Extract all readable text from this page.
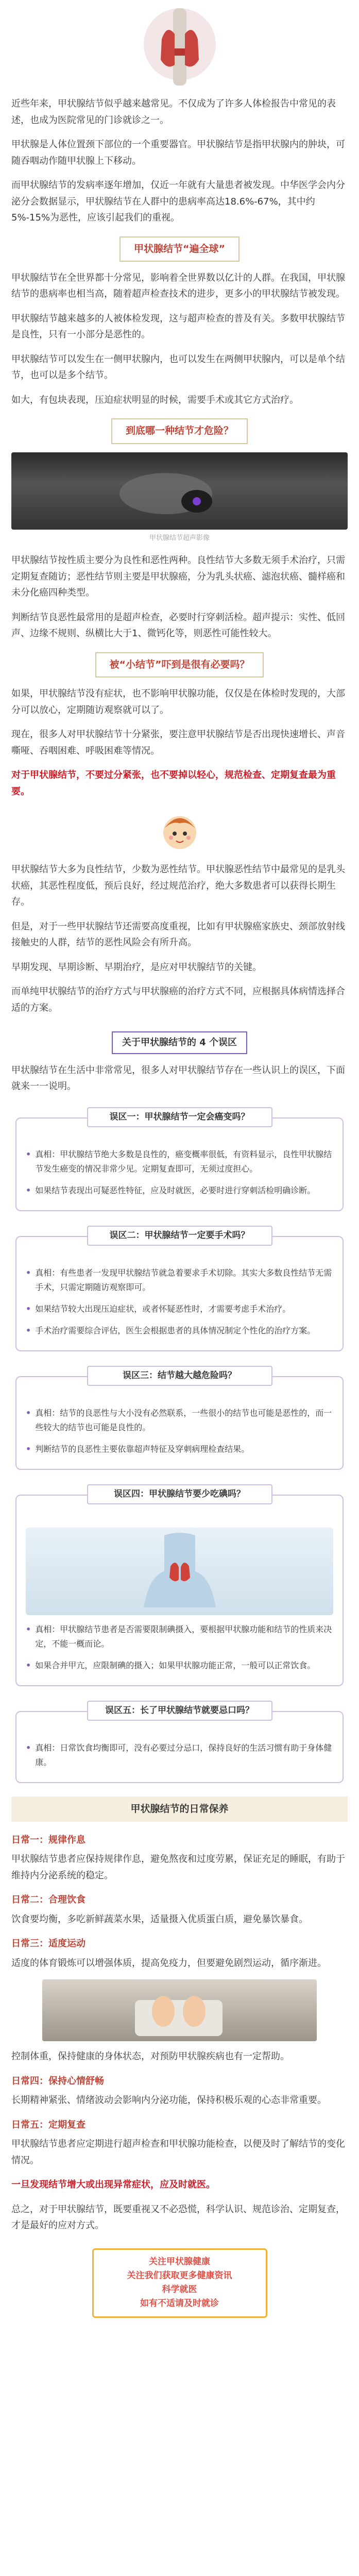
近些年来，甲状腺结节似乎越来越常见。不仅成为了许多人体检报告中常见的表述，也成为医院常见的门诊就诊之一。

甲状腺是人体位置颈下部位的一个重要器官。甲状腺结节是指甲状腺内的肿块，可随吞咽动作随甲状腺上下移动。

而甲状腺结节的发病率逐年增加，仅近一年就有大量患者被发现。中华医学会内分泌分会数据显示，甲状腺结节在人群中的患病率高达18.6%-67%，其中约5%-15%为恶性，应该引起我们的重视。

甲状腺结节“遍全球”

甲状腺结节在全世界都十分常见，影响着全世界数以亿计的人群。在我国，甲状腺结节的患病率也相当高，随着超声检查技术的进步，更多小的甲状腺结节被发现。

甲状腺结节越来越多的人被体检发现，这与超声检查的普及有关。多数甲状腺结节是良性，只有一小部分是恶性的。

甲状腺结节可以发生在一侧甲状腺内，也可以发生在两侧甲状腺内，可以是单个结节，也可以是多个结节。

如大，有包块表现，压迫症状明显的时候，需要手术或其它方式治疗。

到底哪一种结节才危险？

甲状腺结节超声影像

甲状腺结节按性质主要分为良性和恶性两种。良性结节大多数无须手术治疗，只需定期复查随访；恶性结节则主要是甲状腺癌，分为乳头状癌、滤泡状癌、髓样癌和未分化癌四种类型。

判断结节良恶性最常用的是超声检查，必要时行穿刺活检。超声提示：实性、低回声、边缘不规则、纵横比大于1、微钙化等，则恶性可能性较大。

被“小结节”吓到是很有必要吗？

如果，甲状腺结节没有症状，也不影响甲状腺功能，仅仅是在体检时发现的，大部分可以放心，定期随访观察就可以了。

现在，很多人对甲状腺结节十分紧张，要注意甲状腺结节是否出现快速增长、声音嘶哑、吞咽困难、呼吸困难等情况。

对于甲状腺结节，不要过分紧张，也不要掉以轻心，规范检查、定期复查最为重要。

甲状腺结节大多为良性结节，少数为恶性结节。甲状腺恶性结节中最常见的是乳头状癌，其恶性程度低，预后良好，经过规范治疗，绝大多数患者可以获得长期生存。

但是，对于一些甲状腺结节还需要高度重视，比如有甲状腺癌家族史、颈部放射线接触史的人群，结节的恶性风险会有所升高。

早期发现、早期诊断、早期治疗，是应对甲状腺结节的关键。

而单纯甲状腺结节的治疗方式与甲状腺癌的治疗方式不同，应根据具体病情选择合适的方案。

关于甲状腺结节的 4 个误区

甲状腺结节在生活中非常常见，很多人对甲状腺结节存在一些认识上的误区，下面就来一一说明。

误区一：甲状腺结节一定会癌变吗？
• 真相：甲状腺结节绝大多数是良性的，癌变概率很低，有资料显示，良性甲状腺结节发生癌变的情况非常少见。定期复查即可，无须过度担心。
• 如果结节表现出可疑恶性特征，应及时就医，必要时进行穿刺活检明确诊断。
误区二：甲状腺结节一定要手术吗？
• 真相：有些患者一发现甲状腺结节就急着要求手术切除。其实大多数良性结节无需手术，只需定期随访观察即可。
• 如果结节较大出现压迫症状，或者怀疑恶性时，才需要考虑手术治疗。
• 手术治疗需要综合评估，医生会根据患者的具体情况制定个性化的治疗方案。
误区三：结节越大越危险吗？
• 真相：结节的良恶性与大小没有必然联系，一些很小的结节也可能是恶性的，而一些较大的结节也可能是良性的。
• 判断结节的良恶性主要依靠超声特征及穿刺病理检查结果。
误区四：甲状腺结节要少吃碘吗？
• 真相：甲状腺结节患者是否需要限制碘摄入，要根据甲状腺功能和结节的性质来决定，不能一概而论。
• 如果合并甲亢，应限制碘的摄入；如果甲状腺功能正常，一般可以正常饮食。
误区五：长了甲状腺结节就要忌口吗？
• 真相：日常饮食均衡即可，没有必要过分忌口，保持良好的生活习惯有助于身体健康。
甲状腺结节的日常保养

日常一：规律作息

甲状腺结节患者应保持规律作息，避免熬夜和过度劳累，保证充足的睡眠，有助于维持内分泌系统的稳定。

日常二：合理饮食

饮食要均衡，多吃新鲜蔬菜水果，适量摄入优质蛋白质，避免暴饮暴食。

日常三：适度运动

适度的体育锻炼可以增强体质，提高免疫力，但要避免剧烈运动，循序渐进。

控制体重，保持健康的身体状态，对预防甲状腺疾病也有一定帮助。

日常四：保持心情舒畅

长期精神紧张、情绪波动会影响内分泌功能，保持积极乐观的心态非常重要。

日常五：定期复查

甲状腺结节患者应定期进行超声检查和甲状腺功能检查，以便及时了解结节的变化情况。

一旦发现结节增大或出现异常症状，应及时就医。

总之，对于甲状腺结节，既要重视又不必恐慌，科学认识、规范诊治、定期复查，才是最好的应对方式。

关注甲状腺健康
关注我们获取更多健康资讯
科学就医
如有不适请及时就诊
